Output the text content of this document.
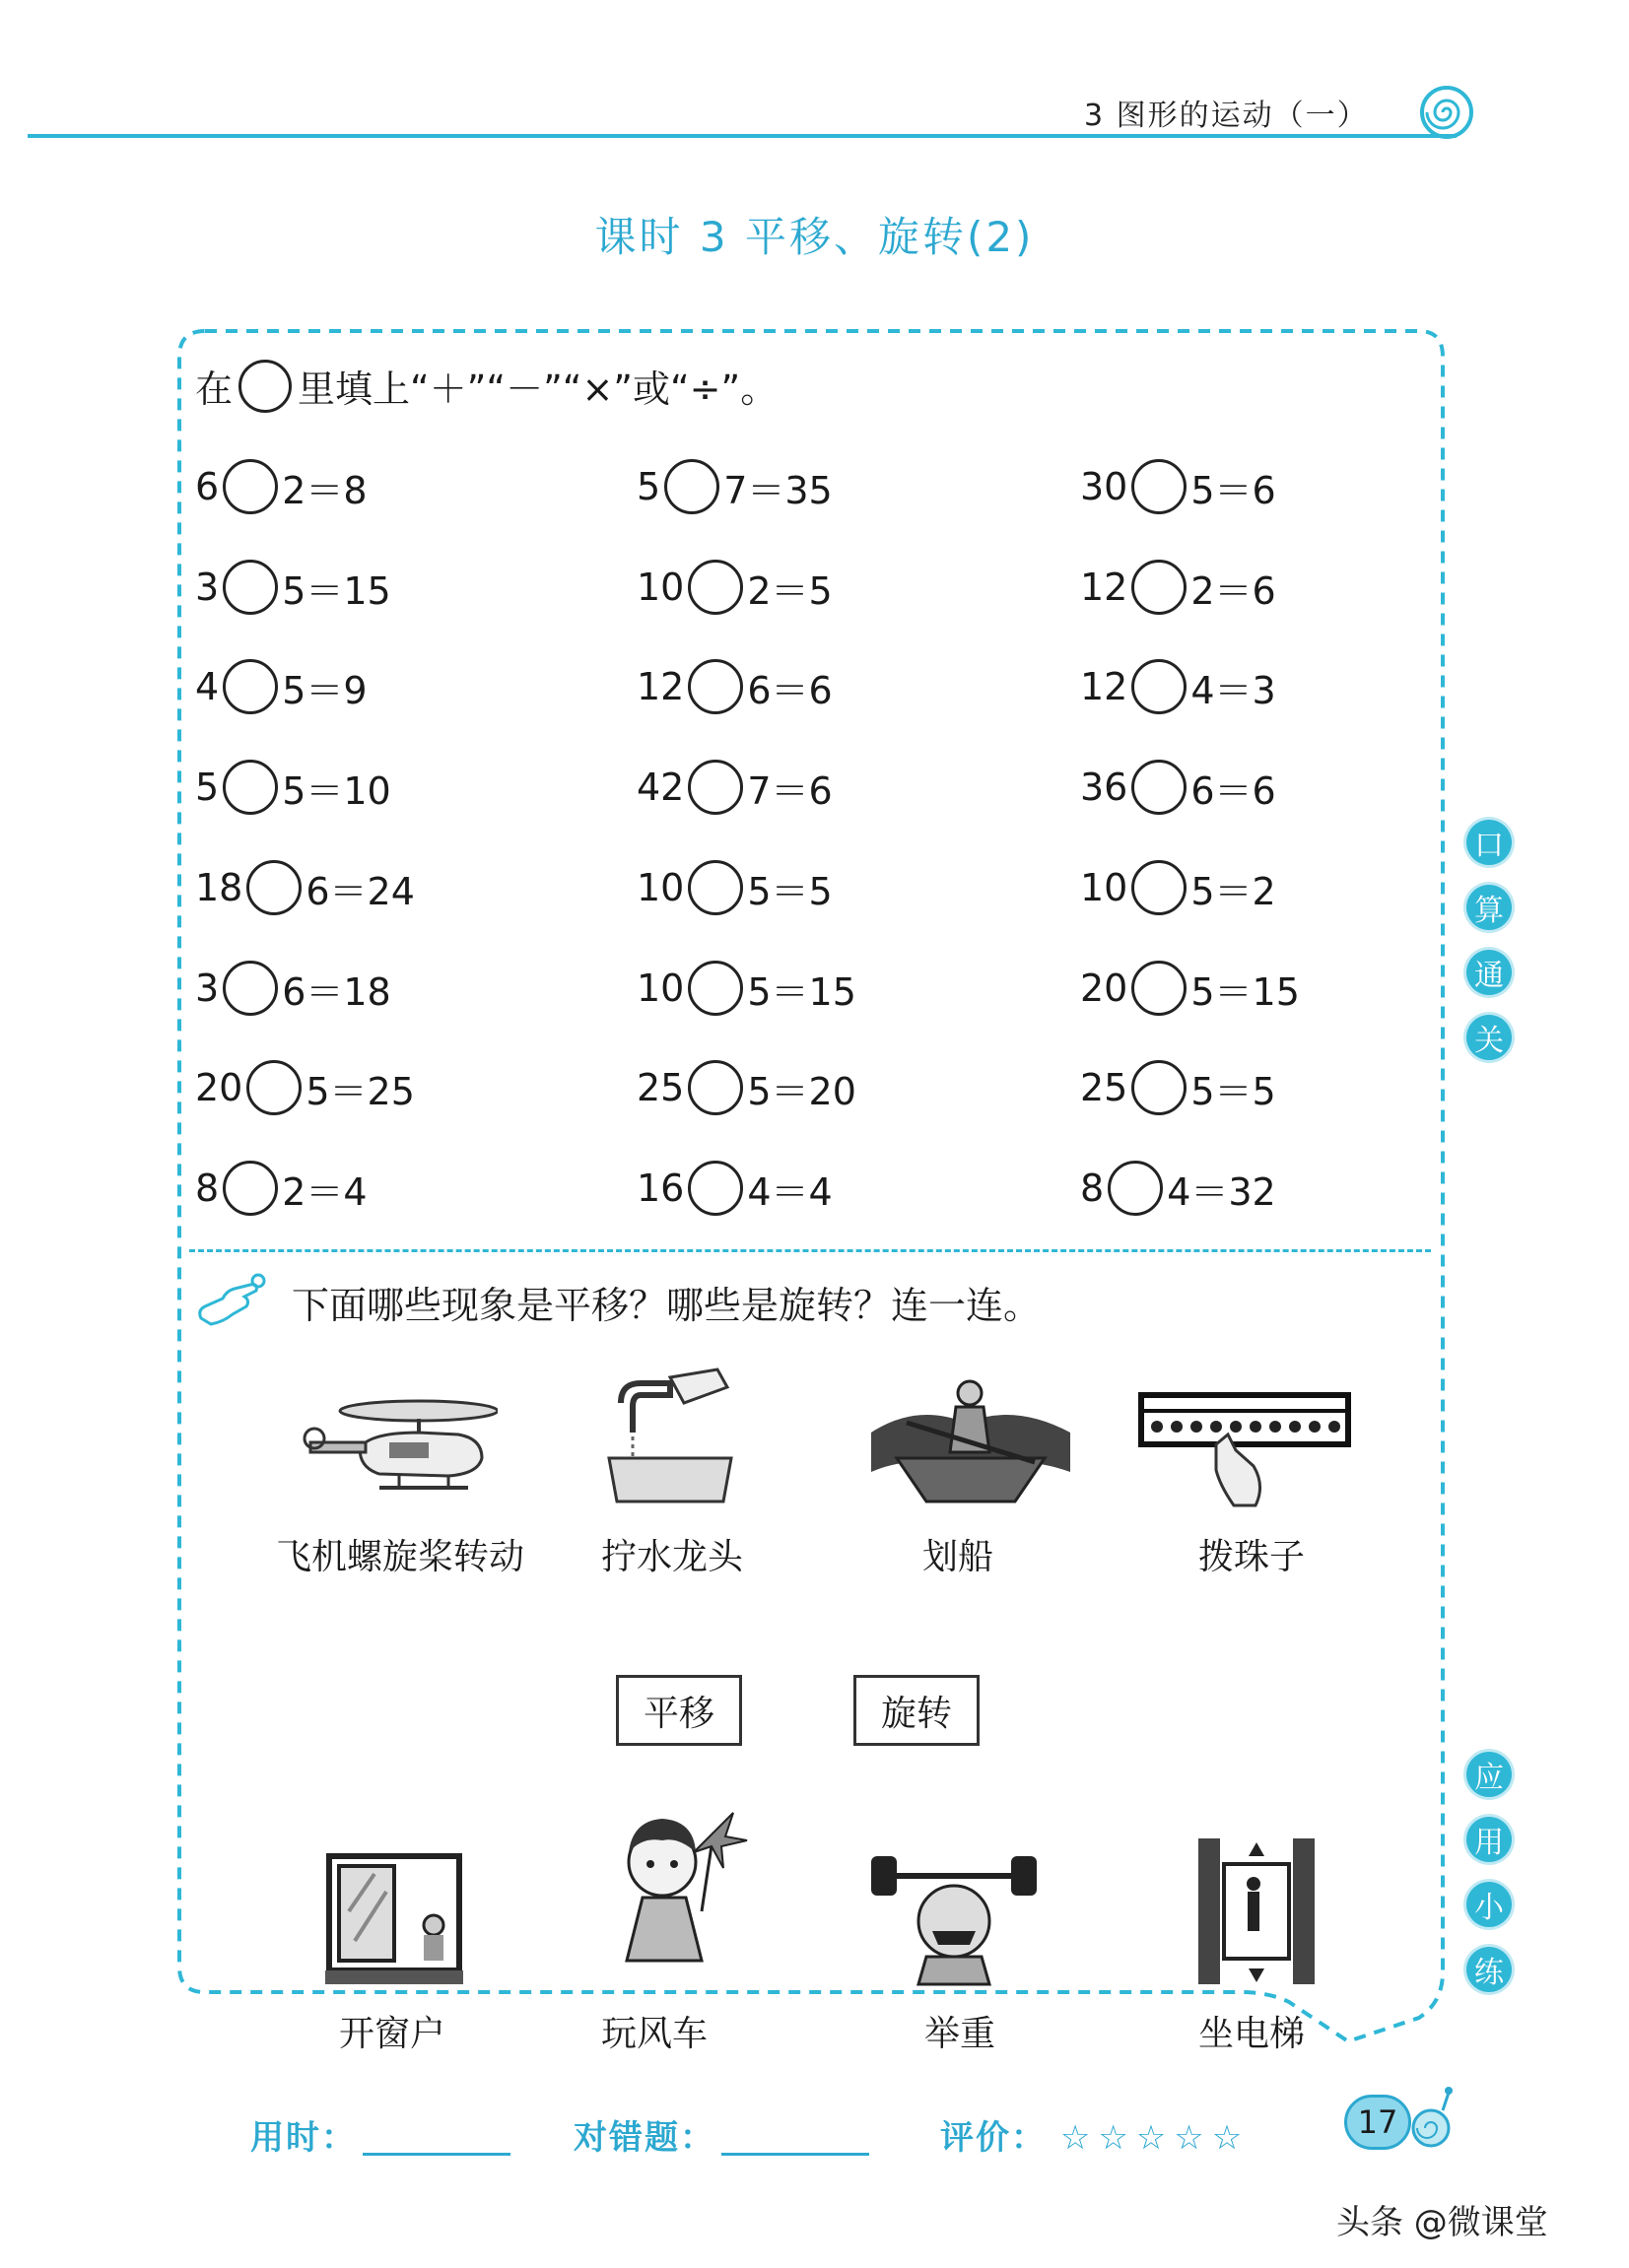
3 图形的运动（一）
课时 3 平移、旋转(2)
在 里填上“＋”“－”“×”或“÷”。
6 2＝8	5 7＝35	30 5＝6
3 5＝15	10 2＝5	12 2＝6
4 5＝9	12 6＝6	12 4＝3
5 5＝10	42 7＝6	36 6＝6
18 6＝24	10 5＝5	10 5＝2
3 6＝18	10 5＝15	20 5＝15
20 5＝25	25 5＝20	25 5＝5
8 2＝4	16 4＝4	8 4＝32
下面哪些现象是平移？哪些是旋转？连一连。
飞机螺旋桨转动 拧水龙头	划船	拨珠子
平移	旋转
开窗户	玩风车	举重	坐电梯
口
算
通
关
应
用
小
练
用时：	对错题：	评价： ☆☆☆☆☆	17
头条 @微课堂
